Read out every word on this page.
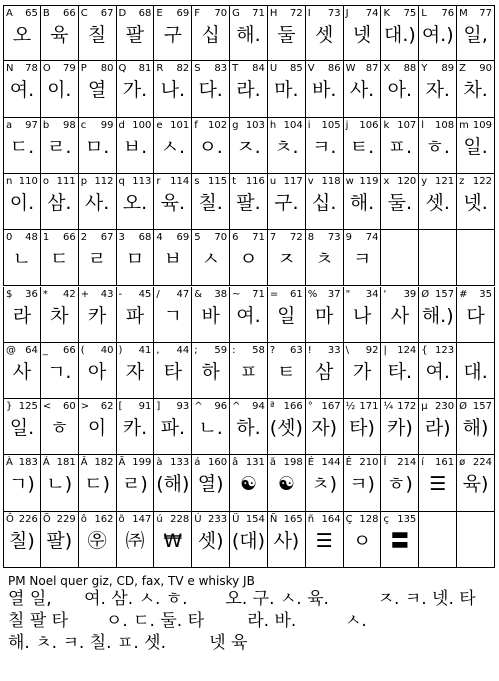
A 65
오
B 66
육
C 67
칠
D 68
팔
E 69
구
F 70
십
G 71
해.
H 72
둘
I 73
셋
J 74
넷
K 75
대.)
L 76
여.)
M 77
일,
N 78
여.
O 79
이.
P 80
열
Q 81
가.
R 82
나.
S 83
다.
T 84
라.
U 85
마.
V 86
바.
W 87
사.
X 88
아.
Y 89
자.
Z 90
차.
a 97
ㄷ.
b 98
ㄹ.
c 99
ㅁ.
d 100
ㅂ.
e 101
ㅅ.
f 102
ㅇ.
g 103
ㅈ.
h 104
ㅊ.
i 105
ㅋ.
j 106
ㅌ.
k 107
ㅍ.
l 108
ㅎ.
m 109
일.
n 110
이.
o 111
삼.
p 112
사.
q 113
오.
r 114
육.
s 115
칠.
t 116
팔.
u 117
구.
v 118
십.
w 119
해.
x 120
둘.
y 121
셋.
z 122
넷.
0 48
ㄴ
1 66
ㄷ
2 67
ㄹ
3 68
ㅁ
4 69
ㅂ
5 70
ㅅ
6 71
ㅇ
7 72
ㅈ
8 73
ㅊ
9 74
ㅋ
$ 36
라
* 42
차
+ 43
카
- 45
파
/ 47
ㄱ
& 38
바
~ 71
여.
= 61
일
% 37
마
" 34
나
' 39
사
Ø 157
해.)
# 35
다
@ 64
사
_ 66
ㄱ.
( 40
아
) 41
자
, 44
타
; 59
하
: 58
ㅍ
? 63
ㅌ
! 33
삼
\ 92
가
| 124
타.
{ 123
여. 대.
} 125
일.
< 60
ㅎ
> 62
이
[ 91
카.
] 93
파.
^ 96
ㄴ.
^ 94
하.
ª 166
(셋)
° 167
자)
½ 171
타)
¼ 172
카)
µ 230
라)
Ø 157
해)
À 183
ㄱ)
Á 181
ㄴ)
Â 182
ㄷ)
Ã 199
ㄹ)
à 133
(해)
á 160
열)
â 131
☯
ã 198
☯
É 144
ㅊ)
Ê 210
ㅋ)
Í 214
ㅎ)
í 161
☰
ø 224
육)
Ô 226
칠)
Õ 229
팔)
ô 162
㉾
õ 147
㈜
ú 228
₩
Ú 233
셋)
Ü 154
(대)
Ñ 165
사)
ñ 164
☰
Ç 128
ㅇ
ç 135
〓
PM Noel quer giz, CD, fax, TV e whisky JB
열 일,      여. 삼. ㅅ. ㅎ.       오. 구. ㅅ. 육.         ㅈ. ㅋ. 넷. 타
칠 팔 타       ㅇ. ㄷ. 둘. 타        라. 바.         ㅅ.
해. ㅊ. ㅋ. 칠. ㅍ. 셋.        넷 육
